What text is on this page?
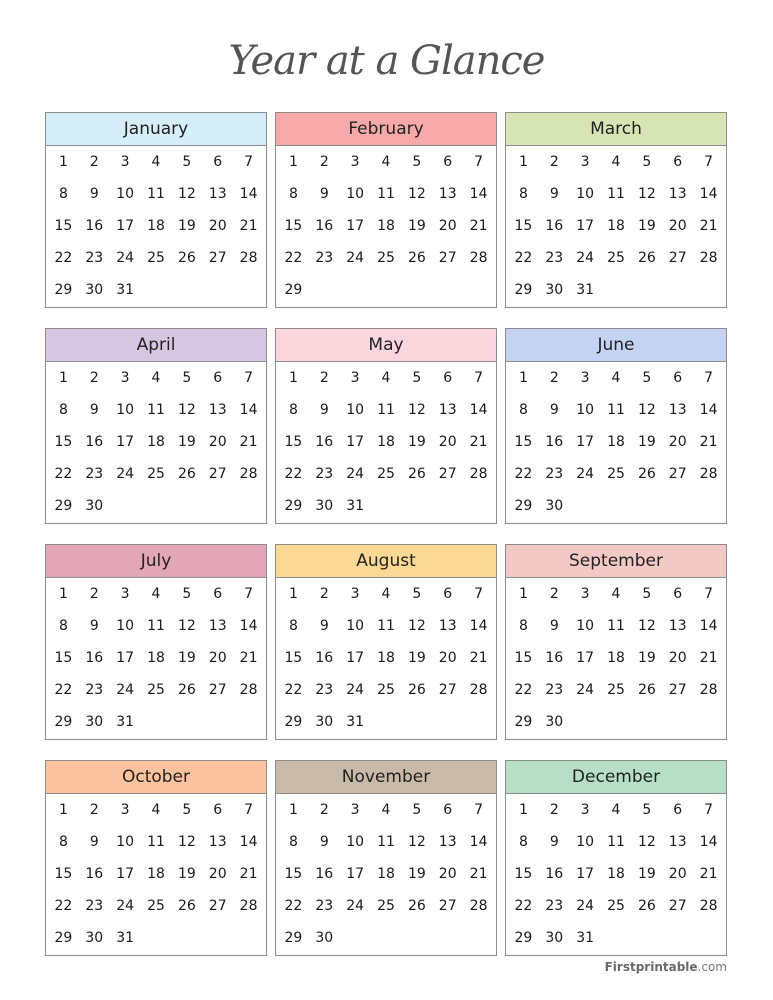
Year at a Glance
January
1	2	3	4	5	6	7
8	9	10 11 12 13 14
15 16 17 18 19 20 21
22 23 24 25 26 27 28
29 30 31
February
1	2	3	4	5	6	7
8	9	10 11 12 13 14
15 16 17 18 19 20 21
22 23 24 25 26 27 28
29
March
1	2	3	4	5	6	7
8	9	10 11 12 13 14
15 16 17 18 19 20 21
22 23 24 25 26 27 28
29 30 31
April
1	2	3	4	5	6	7
8	9	10 11 12 13 14
15 16 17 18 19 20 21
22 23 24 25 26 27 28
29 30
May
1	2	3	4	5	6	7
8	9	10 11 12 13 14
15 16 17 18 19 20 21
22 23 24 25 26 27 28
29 30 31
June
1	2	3	4	5	6	7
8	9	10 11 12 13 14
15 16 17 18 19 20 21
22 23 24 25 26 27 28
29 30
July
1	2	3	4	5	6	7
8	9	10 11 12 13 14
15 16 17 18 19 20 21
22 23 24 25 26 27 28
29 30 31
August
1	2	3	4	5	6	7
8	9	10 11 12 13 14
15 16 17 18 19 20 21
22 23 24 25 26 27 28
29 30 31
September
1	2	3	4	5	6	7
8	9	10 11 12 13 14
15 16 17 18 19 20 21
22 23 24 25 26 27 28
29 30
October
1	2	3	4	5	6	7
8	9	10 11 12 13 14
15 16 17 18 19 20 21
22 23 24 25 26 27 28
29 30 31
November
1	2	3	4	5	6	7
8	9	10 11 12 13 14
15 16 17 18 19 20 21
22 23 24 25 26 27 28
29 30
December
1	2	3	4	5	6	7
8	9	10 11 12 13 14
15 16 17 18 19 20 21
22 23 24 25 26 27 28
29 30 31
Firstprintable.com
